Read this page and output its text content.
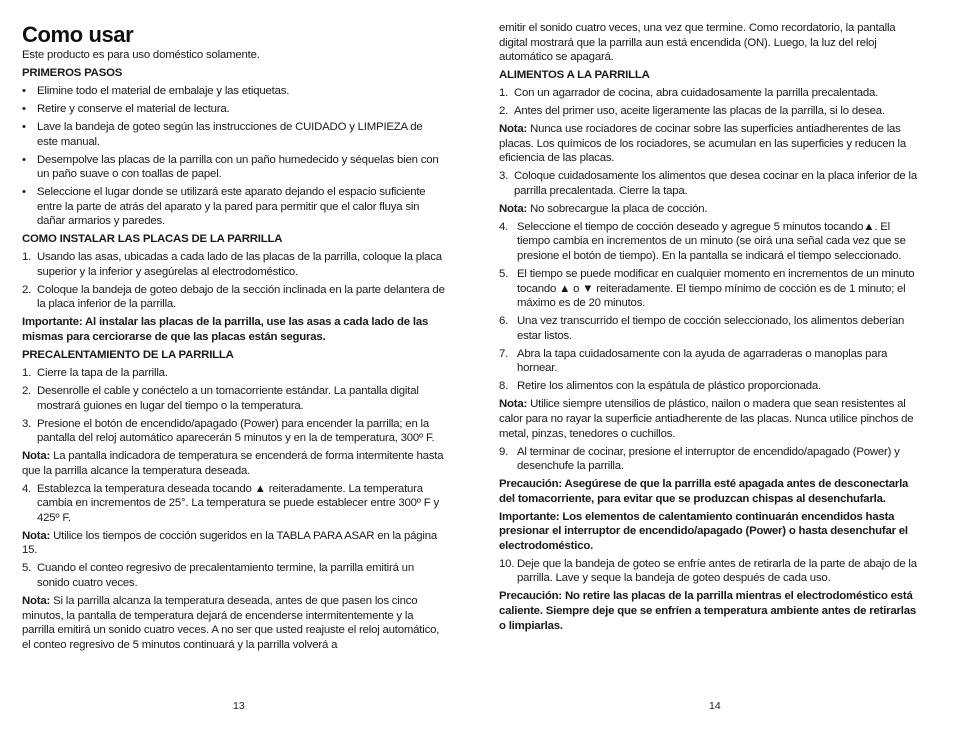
Como usar

Este producto es para uso doméstico solamente.

PRIMEROS PASOS

• Elimine todo el material de embalaje y las etiquetas.
• Retire y conserve el material de lectura.
• Lave la bandeja de goteo según las instrucciones de CUIDADO y LIMPIEZA de este manual.
• Desempolve las placas de la parrilla con un paño humedecido y séquelas bien con un paño suave o con toallas de papel.
• Seleccione el lugar donde se utilizará este aparato dejando el espacio suficiente entre la parte de atrás del aparato y la pared para permitir que el calor fluya sin dañar armarios y paredes.

COMO INSTALAR LAS PLACAS DE LA PARRILLA

1. Usando las asas, ubicadas a cada lado de las placas de la parrilla, coloque la placa superior y la inferior y asegúrelas al electrodoméstico.
2. Coloque la bandeja de goteo debajo de la sección inclinada en la parte delantera de la placa inferior de la parrilla.

Importante: Al instalar las placas de la parrilla, use las asas a cada lado de las mismas para cerciorarse de que las placas están seguras.

PRECALENTAMIENTO DE LA PARRILLA

1. Cierre la tapa de la parrilla.
2. Desenrolle el cable y conéctelo a un tomacorriente estándar. La pantalla digital mostrará guiones en lugar del tiempo o la temperatura.
3. Presione el botón de encendido/apagado (Power) para encender la parrilla; en la pantalla del reloj automático aparecerán 5 minutos y en la de temperatura, 300º F.

Nota: La pantalla indicadora de temperatura se encenderá de forma intermitente hasta que la parrilla alcance la temperatura deseada.

4. Establezca la temperatura deseada tocando ▲ reiteradamente. La temperatura cambia en incrementos de 25°. La temperatura se puede establecer entre 300º F y 425º F.

Nota: Utilice los tiempos de cocción sugeridos en la TABLA PARA ASAR en la página 15.

5. Cuando el conteo regresivo de precalentamiento termine, la parrilla emitirá un sonido cuatro veces.

Nota: Si la parrilla alcanza la temperatura deseada, antes de que pasen los cinco minutos, la pantalla de temperatura dejará de encenderse intermitentemente y la parrilla emitirá un sonido cuatro veces. A no ser que usted reajuste el reloj automático, el conteo regresivo de 5 minutos continuará y la parrilla volverá a

emitir el sonido cuatro veces, una vez que termine. Como recordatorio, la pantalla digital mostrará que la parrilla aun está encendida (ON). Luego, la luz del reloj automático se apagará.

ALIMENTOS A LA PARRILLA

1. Con un agarrador de cocina, abra cuidadosamente la parrilla precalentada.
2. Antes del primer uso, aceite ligeramente las placas de la parrilla, si lo desea.

Nota: Nunca use rociadores de cocinar sobre las superficies antiadherentes de las placas. Los químicos de los rociadores, se acumulan en las superficies y reducen la eficiencia de las placas.

3. Coloque cuidadosamente los alimentos que desea cocinar en la placa inferior de la parrilla precalentada. Cierre la tapa.

Nota: No sobrecargue la placa de cocción.

4. Seleccione el tiempo de cocción deseado y agregue 5 minutos tocando▲. El tiempo cambia en incrementos de un minuto (se oirá una señal cada vez que se presione el botón de tiempo). En la pantalla se indicará el tiempo seleccionado.
5. El tiempo se puede modificar en cualquier momento en incrementos de un minuto tocando ▲ o ▼ reiteradamente. El tiempo mínimo de cocción es de 1 minuto; el máximo es de 20 minutos.
6. Una vez transcurrido el tiempo de cocción seleccionado, los alimentos deberían estar listos.
7. Abra la tapa cuidadosamente con la ayuda de agarraderas o manoplas para hornear.
8. Retire los alimentos con la espátula de plástico proporcionada.

Nota: Utilice siempre utensilios de plástico, nailon o madera que sean resistentes al calor para no rayar la superficie antiadherente de las placas. Nunca utilice pinchos de metal, pinzas, tenedores o cuchillos.

9. Al terminar de cocinar, presione el interruptor de encendido/apagado (Power) y desenchufe la parrilla.

Precaución: Asegúrese de que la parrilla esté apagada antes de desconectarla del tomacorriente, para evitar que se produzcan chispas al desenchufarla.

Importante: Los elementos de calentamiento continuarán encendidos hasta presionar el interruptor de encendido/apagado (Power) o hasta desenchufar el electrodoméstico.

10. Deje que la bandeja de goteo se enfríe antes de retirarla de la parte de abajo de la parrilla. Lave y seque la bandeja de goteo después de cada uso.

Precaución: No retire las placas de la parrilla mientras el electrodoméstico está caliente. Siempre deje que se enfríen a temperatura ambiente antes de retirarlas o limpiarlas.

13	14
